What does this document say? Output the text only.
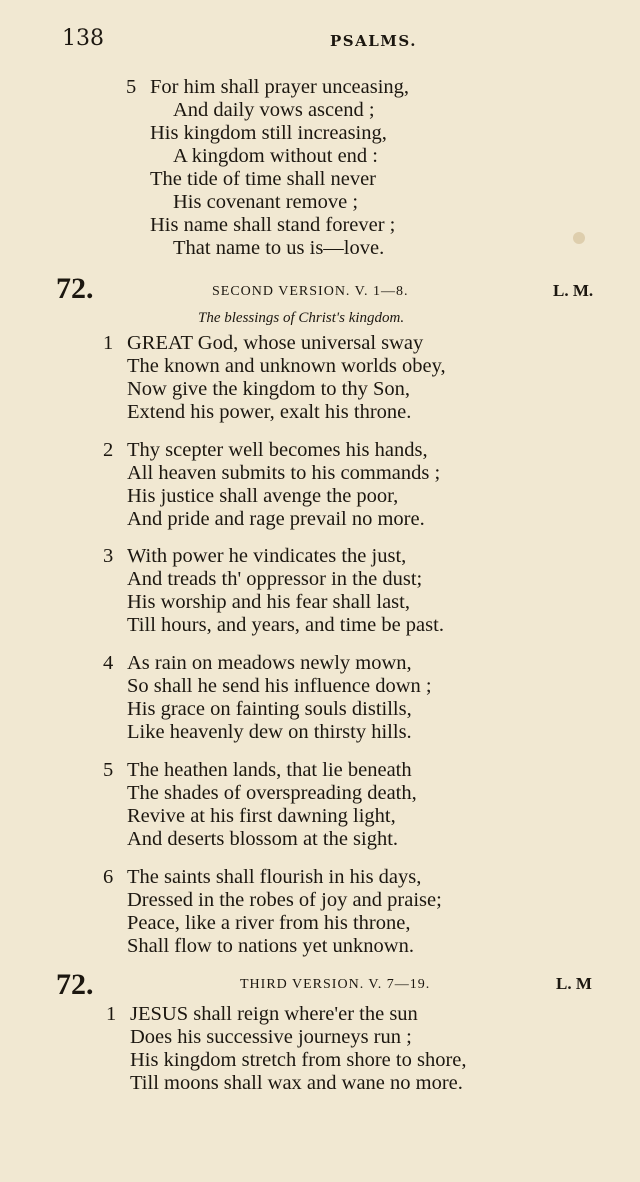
138	PSALMS.
5 For him shall prayer unceasing,
And daily vows ascend ;
His kingdom still increasing,
A kingdom without end :
The tide of time shall never
His covenant remove ;
His name shall stand forever ;
That name to us is—love.
72.	SECOND VERSION. V. 1—8.	L. M.
The blessings of Christ's kingdom.
1 GREAT God, whose universal sway
The known and unknown worlds obey,
Now give the kingdom to thy Son,
Extend his power, exalt his throne.
2 Thy scepter well becomes his hands,
All heaven submits to his commands ;
His justice shall avenge the poor,
And pride and rage prevail no more.
3 With power he vindicates the just,
And treads th' oppressor in the dust;
His worship and his fear shall last,
Till hours, and years, and time be past.
4 As rain on meadows newly mown,
So shall he send his influence down ;
His grace on fainting souls distills,
Like heavenly dew on thirsty hills.
5 The heathen lands, that lie beneath
The shades of overspreading death,
Revive at his first dawning light,
And deserts blossom at the sight.
6 The saints shall flourish in his days,
Dressed in the robes of joy and praise;
Peace, like a river from his throne,
Shall flow to nations yet unknown.
72.	THIRD VERSION. V. 7—19.	L. M
1 JESUS shall reign where'er the sun
Does his successive journeys run ;
His kingdom stretch from shore to shore,
Till moons shall wax and wane no more.
